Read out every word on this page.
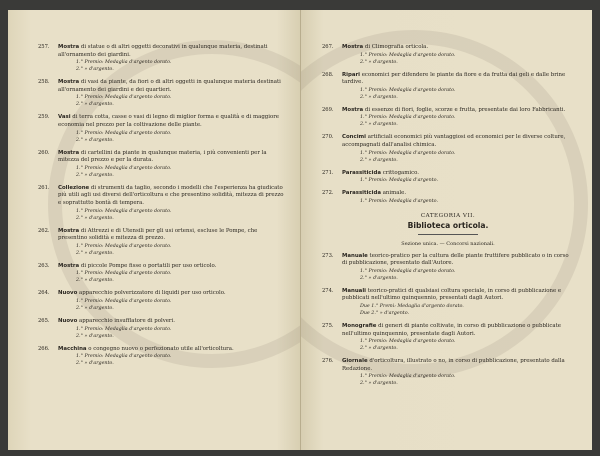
257. Mostra di statue o di altri oggetti decorativi in qualunque materia, destinati all'ornamento dei giardini.
1.° Premio: Medaglia d'argento dorato.
2.° » d'argento.
258. Mostra di vasi da piante, da fiori o di altri oggetti in qualunque materia destinati all'ornamento dei giardini e dei quartieri.
1.° Premio: Medaglia d'argento dorato.
2.° » d'argento.
259. Vasi di terra cotta, casse o vasi di legno di miglior forma e qualità e di maggiore economia nel prezzo per la coltivazione delle piante.
1.° Premio: Medaglia d'argento dorato.
2.° » d'argento.
260. Mostra di cartellini da piante in qualunque materia, i più convenienti per la mitezza del prezzo e per la durata.
1.° Premio: Medaglia d'argento dorato.
2.° » d'argento.
261. Collezione di strumenti da taglio, secondo i modelli che l'esperienza ha giudicato più utili agli usi diversi dell'orticoltura e che presentino solidità, mitezza di prezzo e soprattutto bontà di tempera.
1.° Premio: Medaglia d'argento dorato.
2.° » d'argento.
262. Mostra di Attrezzi e di Utensili per gli usi ortensi, escluse le Pompe, che presentino solidità e mitezza di prezzo.
1.° Premio: Medaglia d'argento dorato.
2.° » d'argento.
263. Mostra di piccole Pompe fisse o portatili per uso orticolo.
1.° Premio: Medaglia d'argento dorato.
2.° » d'argento.
264. Nuovo apparecchio polverizzatore di liquidi per uso orticolo.
1.° Premio: Medaglia d'argento dorato.
2.° » d'argento.
265. Nuovo apparecchio insufflatore di polveri.
1.° Premio: Medaglia d'argento dorato.
2.° » d'argento.
266. Macchina o congegno nuovo o perfezionato utile all'orticoltura.
1.° Premio: Medaglia d'argento dorato.
2.° » d'argento.
267. Mostra di Climografia orticola.
1.° Premio: Medaglia d'argento dorato.
2.° » d'argento.
268. Ripari economici per difendere le piante da fiore e da frutta dai geli e dalle brine tardive.
1.° Premio: Medaglia d'argento dorato.
2.° » d'argento.
269. Mostra di essenze di fiori, foglie, scorze e frutta, presentate dai loro Fabbricanti.
1.° Premio: Medaglia d'argento dorato.
2.° » d'argento.
270. Concimi artificiali economici più vantaggiosi ed economici per le diverse colture, accompagnati dall'analisi chimica.
1.° Premio: Medaglia d'argento dorato.
2.° » d'argento.
271. Parassiticida crittogamico.
1.° Premio: Medaglia d'argento.
272. Parassiticida animale.
1.° Premio: Medaglia d'argento.
CATEGORIA VII.
Biblioteca orticola.
Sezione unica. — Concorsi nazionali.
273. Manuale teorico-pratico per la cultura delle piante fruttifere pubblicato o in corso di pubblicazione, presentato dall'Autore.
1.° Premio: Medaglia d'argento dorato.
2.° » d'argento.
274. Manuali teorico-pratici di qualsiasi coltura speciale, in corso di pubblicazione e pubblicati nell'ultimo quinquennio, presentati dagli Autori.
Due 1.° Premi: Medaglia d'argento dorato.
Due 2.° » d'argento.
275. Monografie di generi di piante coltivate, in corso di pubblicazione o pubblicate nell'ultimo quinquennio, presentate dagli Autori.
1.° Premio: Medaglia d'argento dorato.
2.° » d'argento.
276. Giornale d'orticoltura, illustrato o no, in corso di pubblicazione, presentato dalla Redazione.
1.° Premio: Medaglia d'argento dorato.
2.° » d'argento.
